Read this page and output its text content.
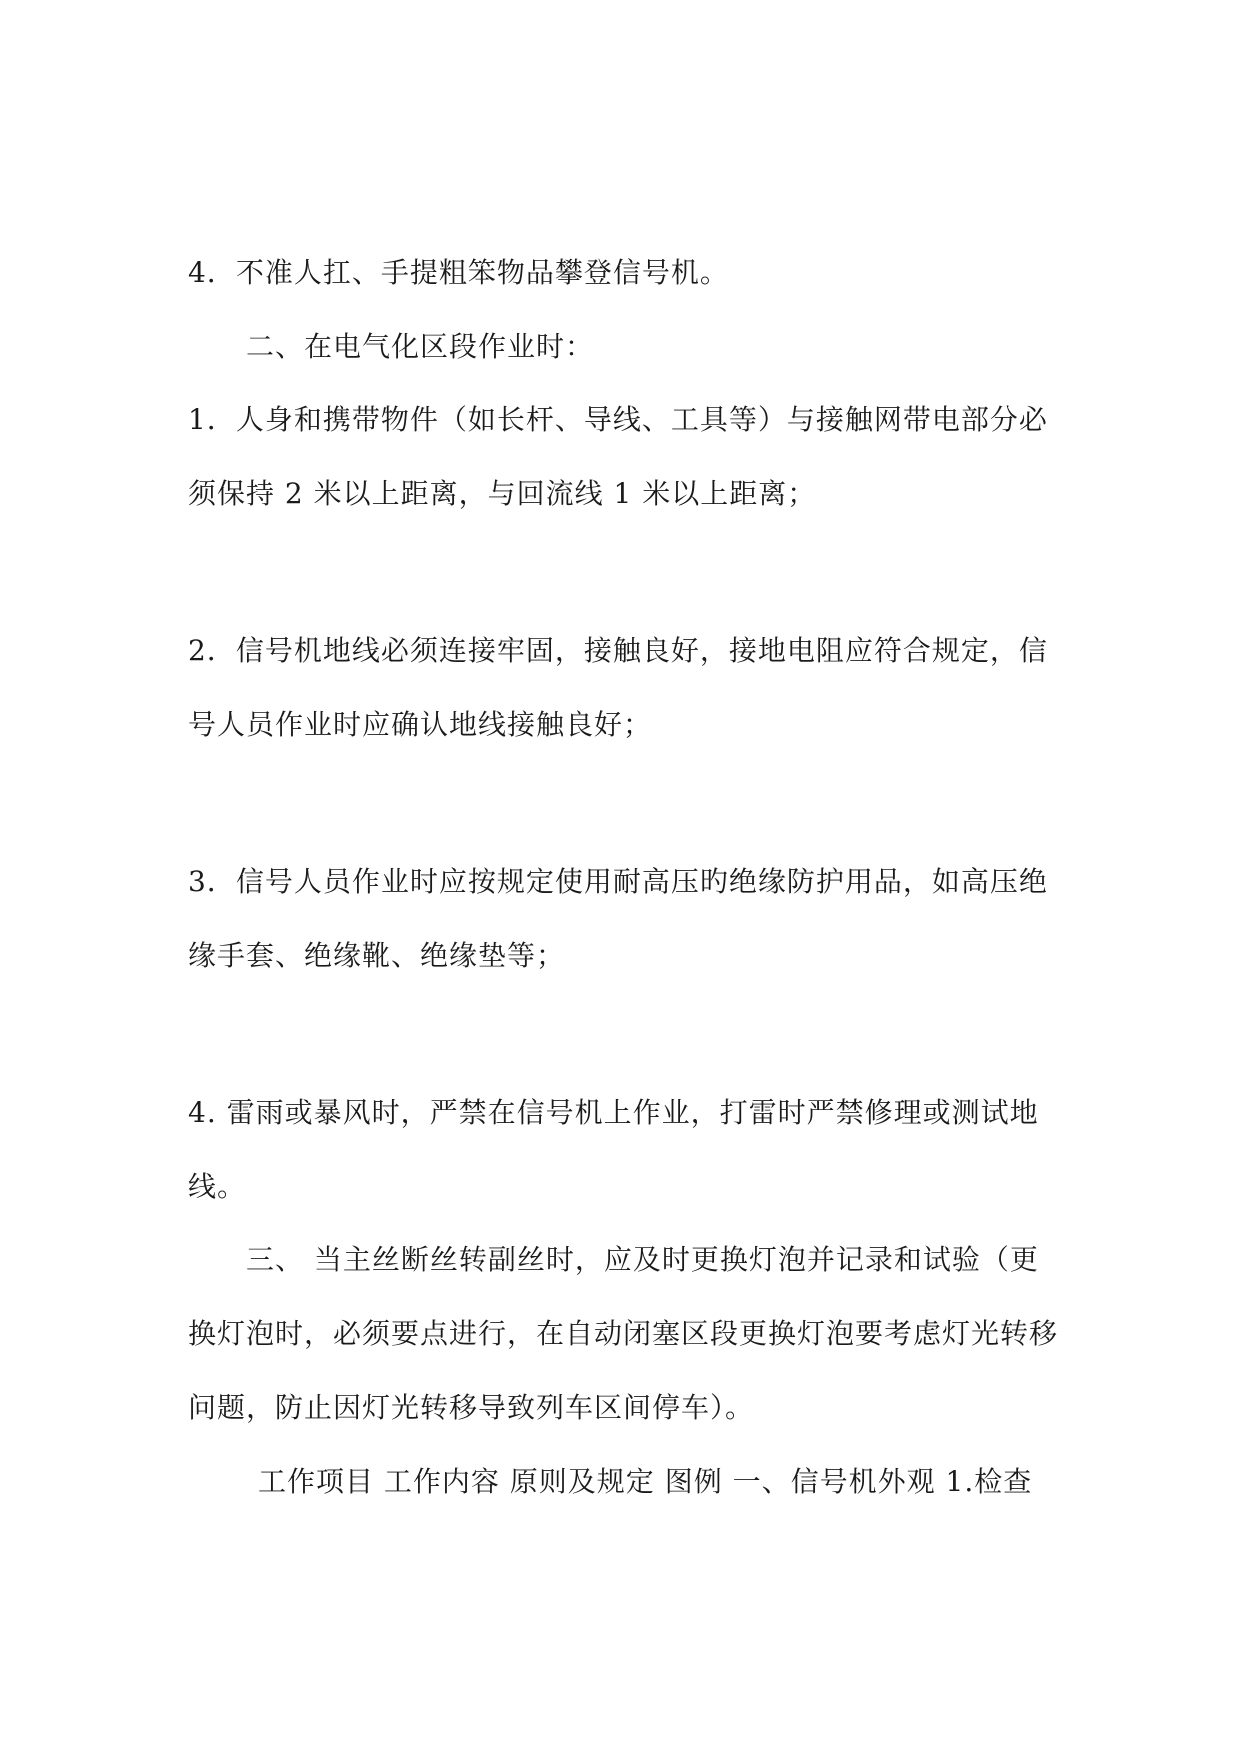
4．不准人扛、手提粗笨物品攀登信号机。
二、在电气化区段作业时：
1．人身和携带物件（如长杆、导线、工具等）与接触网带电部分必
须保持 2 米以上距离，与回流线 1 米以上距离；
2．信号机地线必须连接牢固，接触良好，接地电阻应符合规定，信
号人员作业时应确认地线接触良好；
3．信号人员作业时应按规定使用耐高压旳绝缘防护用品，如高压绝
缘手套、绝缘靴、绝缘垫等；
4. 雷雨或暴风时，严禁在信号机上作业，打雷时严禁修理或测试地
线。
三、 当主丝断丝转副丝时，应及时更换灯泡并记录和试验（更
换灯泡时，必须要点进行，在自动闭塞区段更换灯泡要考虑灯光转移
问题，防止因灯光转移导致列车区间停车）。
工作项目 工作内容 原则及规定 图例 一、信号机外观 1.检查
